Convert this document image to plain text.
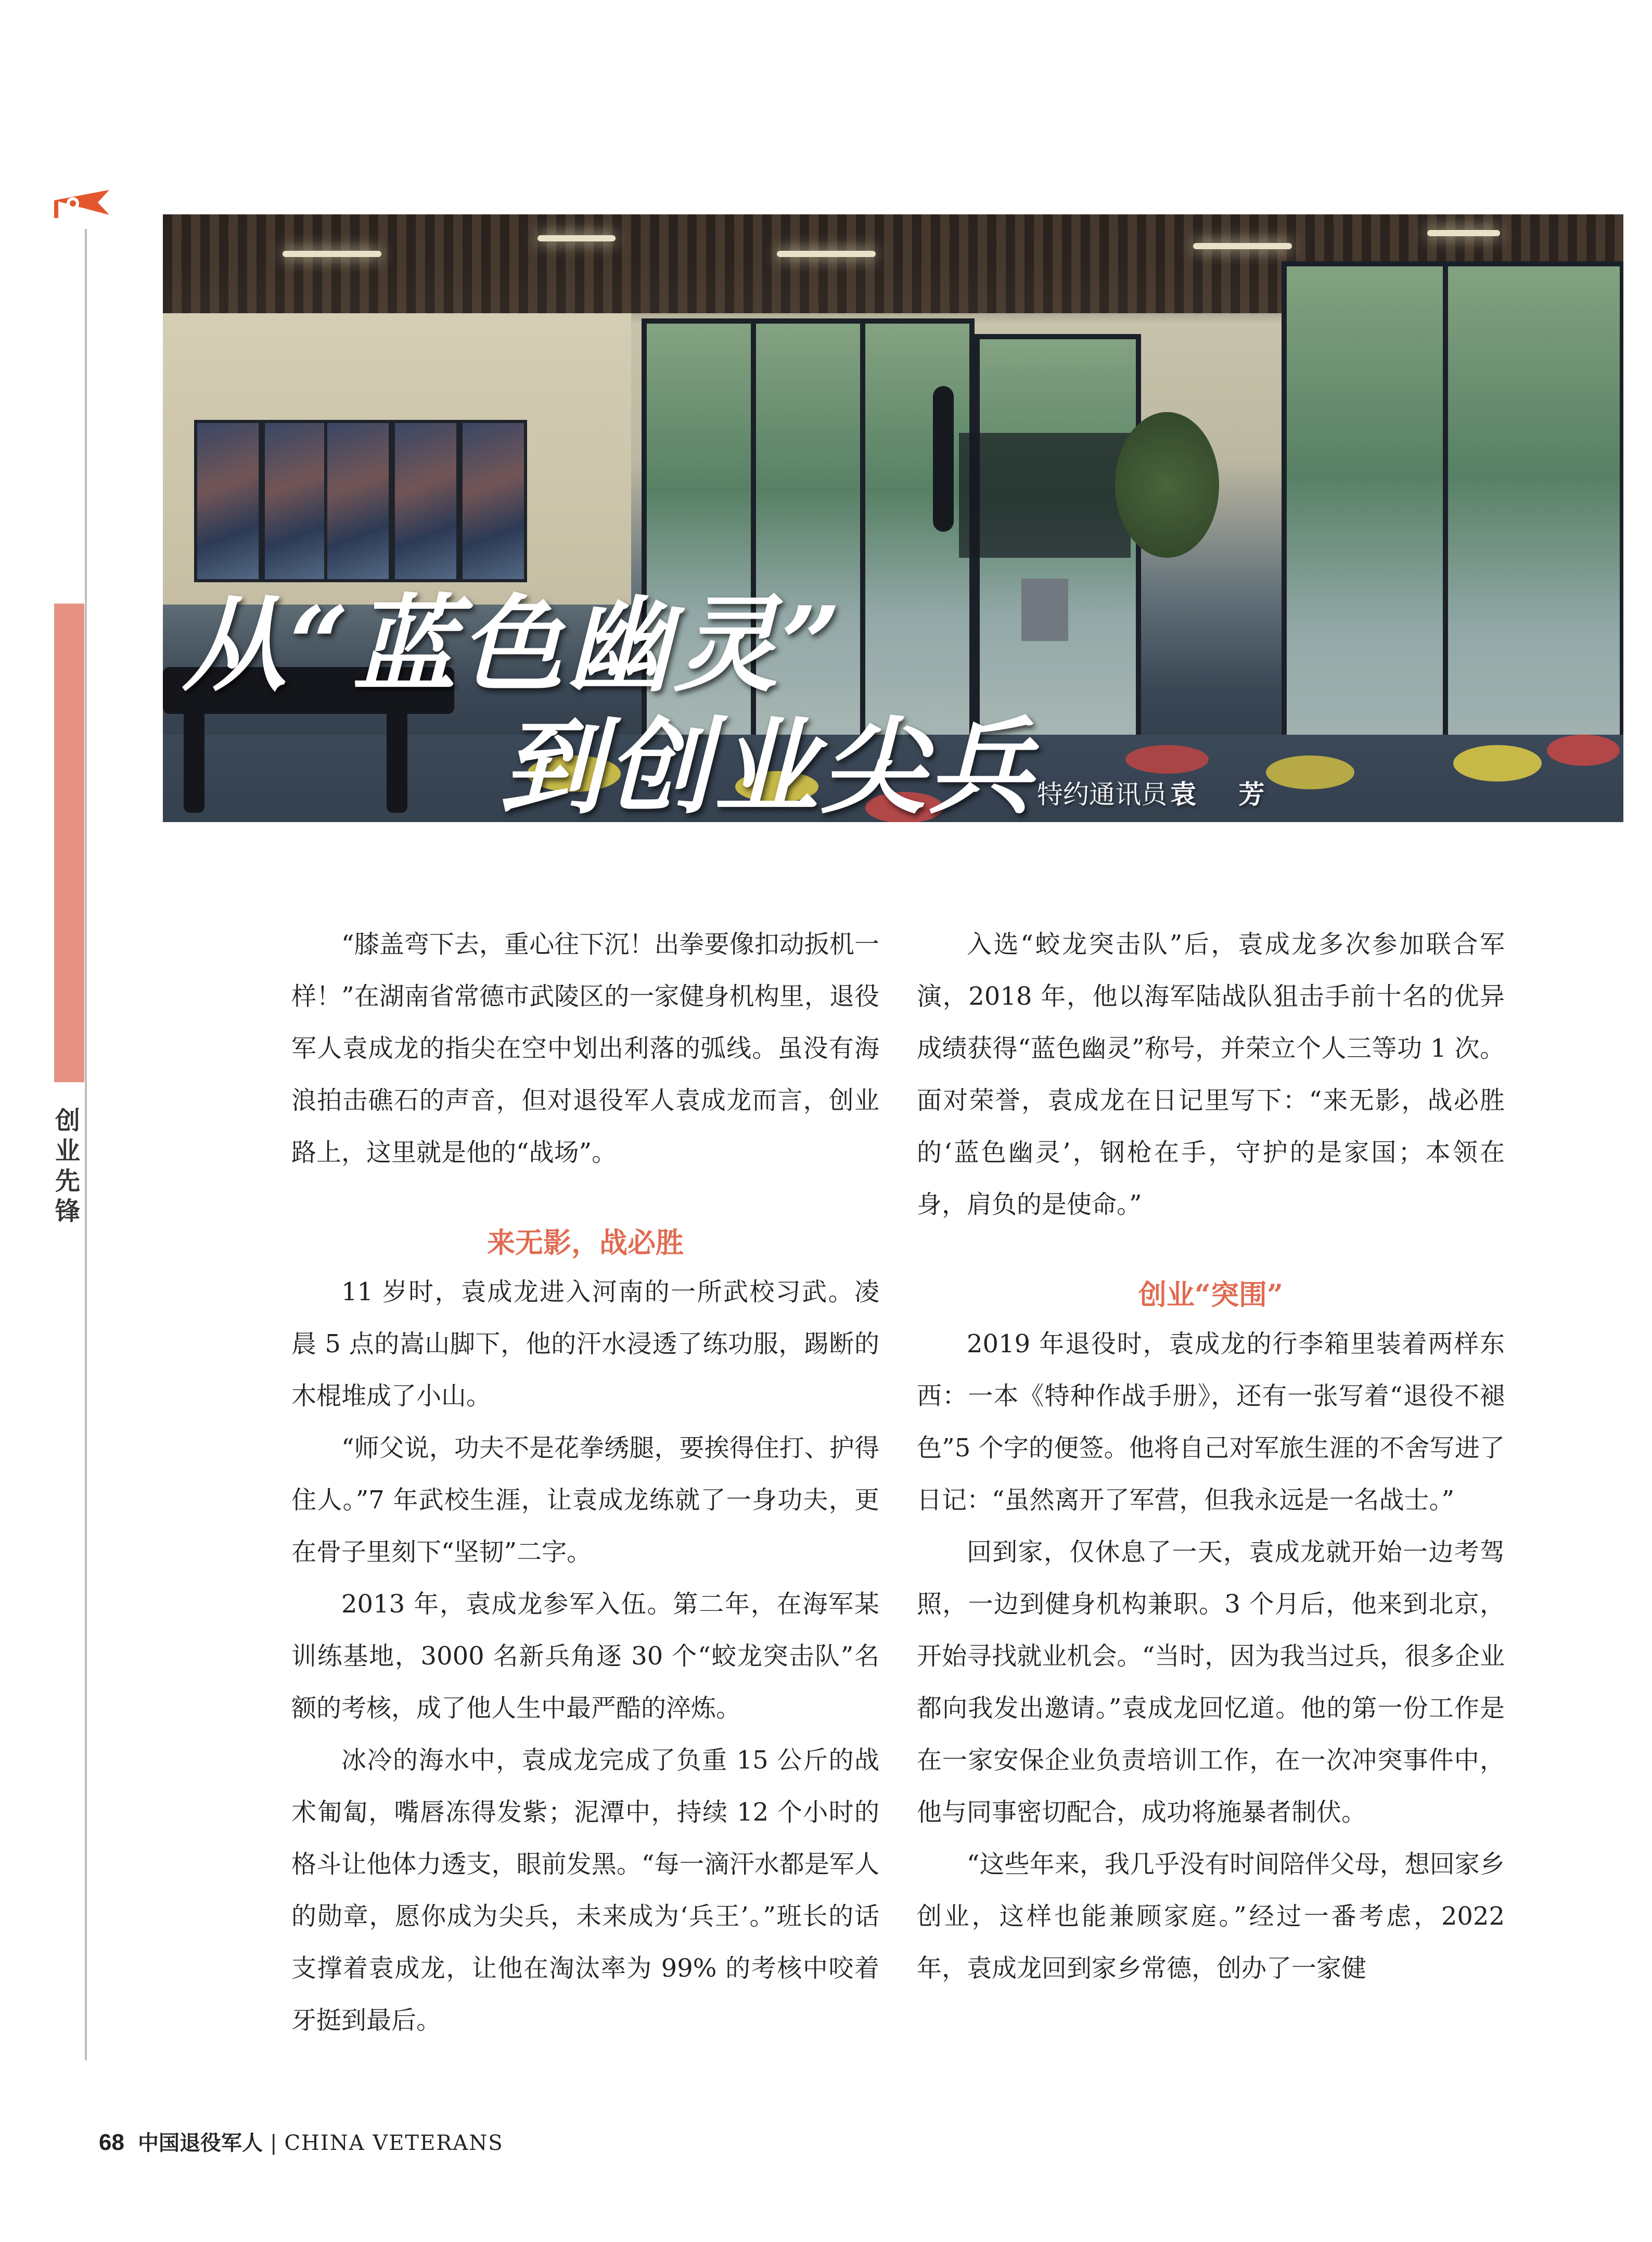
创
业
先
锋
从“蓝色幽灵”
到创业尖兵 特约通讯员 袁 芳

“膝盖弯下去，重心往下沉！出拳要像扣动扳机一样！”在湖南省常德市武陵区的一家健身机构里，退役军人袁成龙的指尖在空中划出利落的弧线。虽没有海浪拍击礁石的声音，但对退役军人袁成龙而言，创业路上，这里就是他的“战场”。

来无影，战必胜

11 岁时，袁成龙进入河南的一所武校习武。凌晨 5 点的嵩山脚下，他的汗水浸透了练功服，踢断的木棍堆成了小山。

“师父说，功夫不是花拳绣腿，要挨得住打、护得住人。”7 年武校生涯，让袁成龙练就了一身功夫，更在骨子里刻下“坚韧”二字。

2013 年，袁成龙参军入伍。第二年，在海军某训练基地，3000 名新兵角逐 30 个“蛟龙突击队”名额的考核，成了他人生中最严酷的淬炼。

冰冷的海水中，袁成龙完成了负重 15 公斤的战术匍匐，嘴唇冻得发紫；泥潭中，持续 12 个小时的格斗让他体力透支，眼前发黑。“每一滴汗水都是军人的勋章，愿你成为尖兵，未来成为‘兵王’。”班长的话支撑着袁成龙，让他在淘汰率为 99% 的考核中咬着牙挺到最后。

入选“蛟龙突击队”后，袁成龙多次参加联合军演，2018 年，他以海军陆战队狙击手前十名的优异成绩获得“蓝色幽灵”称号，并荣立个人三等功 1 次。面对荣誉，袁成龙在日记里写下：“来无影，战必胜的‘蓝色幽灵’，钢枪在手，守护的是家国；本领在身，肩负的是使命。”

创业“突围”

2019 年退役时，袁成龙的行李箱里装着两样东西：一本《特种作战手册》，还有一张写着“退役不褪色”5 个字的便签。他将自己对军旅生涯的不舍写进了日记：“虽然离开了军营，但我永远是一名战士。”

回到家，仅休息了一天，袁成龙就开始一边考驾照，一边到健身机构兼职。3 个月后，他来到北京，开始寻找就业机会。“当时，因为我当过兵，很多企业都向我发出邀请。”袁成龙回忆道。他的第一份工作是在一家安保企业负责培训工作，在一次冲突事件中，他与同事密切配合，成功将施暴者制伏。

“这些年来，我几乎没有时间陪伴父母，想回家乡创业，这样也能兼顾家庭。”经过一番考虑，2022 年，袁成龙回到家乡常德，创办了一家健

68 中国退役军人 | CHINA VETERANS
